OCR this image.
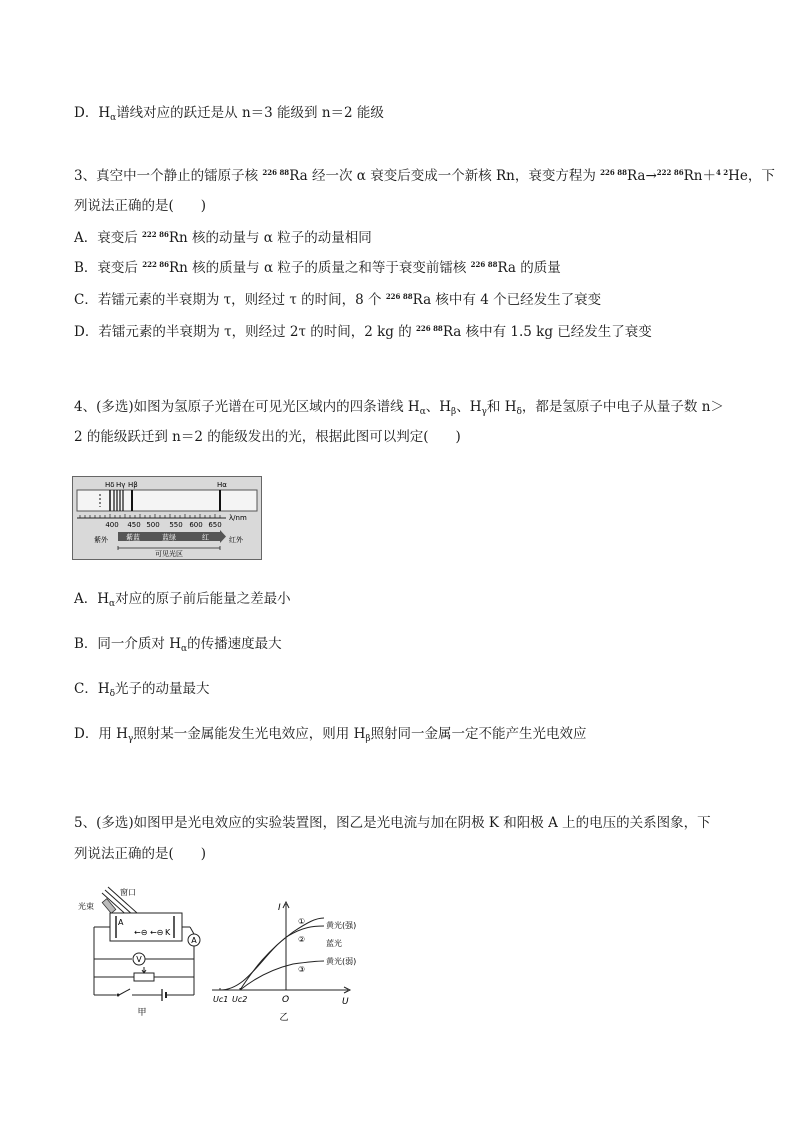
D．$H_\alpha$谱线对应的跃迁是从 n＝3 能级到 n＝2 能级
3、真空中一个静止的镭原子核 $^{226 88}$Ra 经一次 α 衰变后变成一个新核 Rn，衰变方程为 $^{226 88}$Ra→$^{222 86}$Rn＋$^{4 2}$He，下
列说法正确的是(　　)
A．衰变后 $^{222 86}$Rn 核的动量与 α 粒子的动量相同
B．衰变后 $^{222 86}$Rn 核的质量与 α 粒子的质量之和等于衰变前镭核 $^{226 88}$Ra 的质量
C．若镭元素的半衰期为 τ，则经过 τ 的时间，8 个 $^{226 88}$Ra 核中有 4 个已经发生了衰变
D．若镭元素的半衰期为 τ，则经过 2τ 的时间，2 kg 的 $^{226 88}$Ra 核中有 1.5 kg 已经发生了衰变
4、(多选)如图为氢原子光谱在可见光区域内的四条谱线 $H_\alpha$、$H_\beta$、$H_\gamma$和 $H_\delta$，都是氢原子中电子从量子数 n＞
2 的能级跃迁到 n＝2 的能级发出的光，根据此图可以判定(　　)
Hδ Hγ Hβ	Hα
λ/nm
400 450 500 550 600 650
紫蓝	蓝绿	红
紫外	红外
可见光区
A．$H_\alpha$对应的原子前后能量之差最小
B．同一介质对 $H_\alpha$的传播速度最大
C．$H_\delta$光子的动量最大
D．用 $H_\gamma$照射某一金属能发生光电效应，则用 $H_\beta$照射同一金属一定不能产生光电效应
5、(多选)如图甲是光电效应的实验装置图，图乙是光电流与加在阴极 K 和阳极 A 上的电压的关系图象，下
列说法正确的是(　　)
光束
窗口
A
K
←⊖ ←⊖
A
V
甲
I
U
O
Uc1 Uc2
①
②
③
黄光(强)
蓝光
黄光(弱)
乙
